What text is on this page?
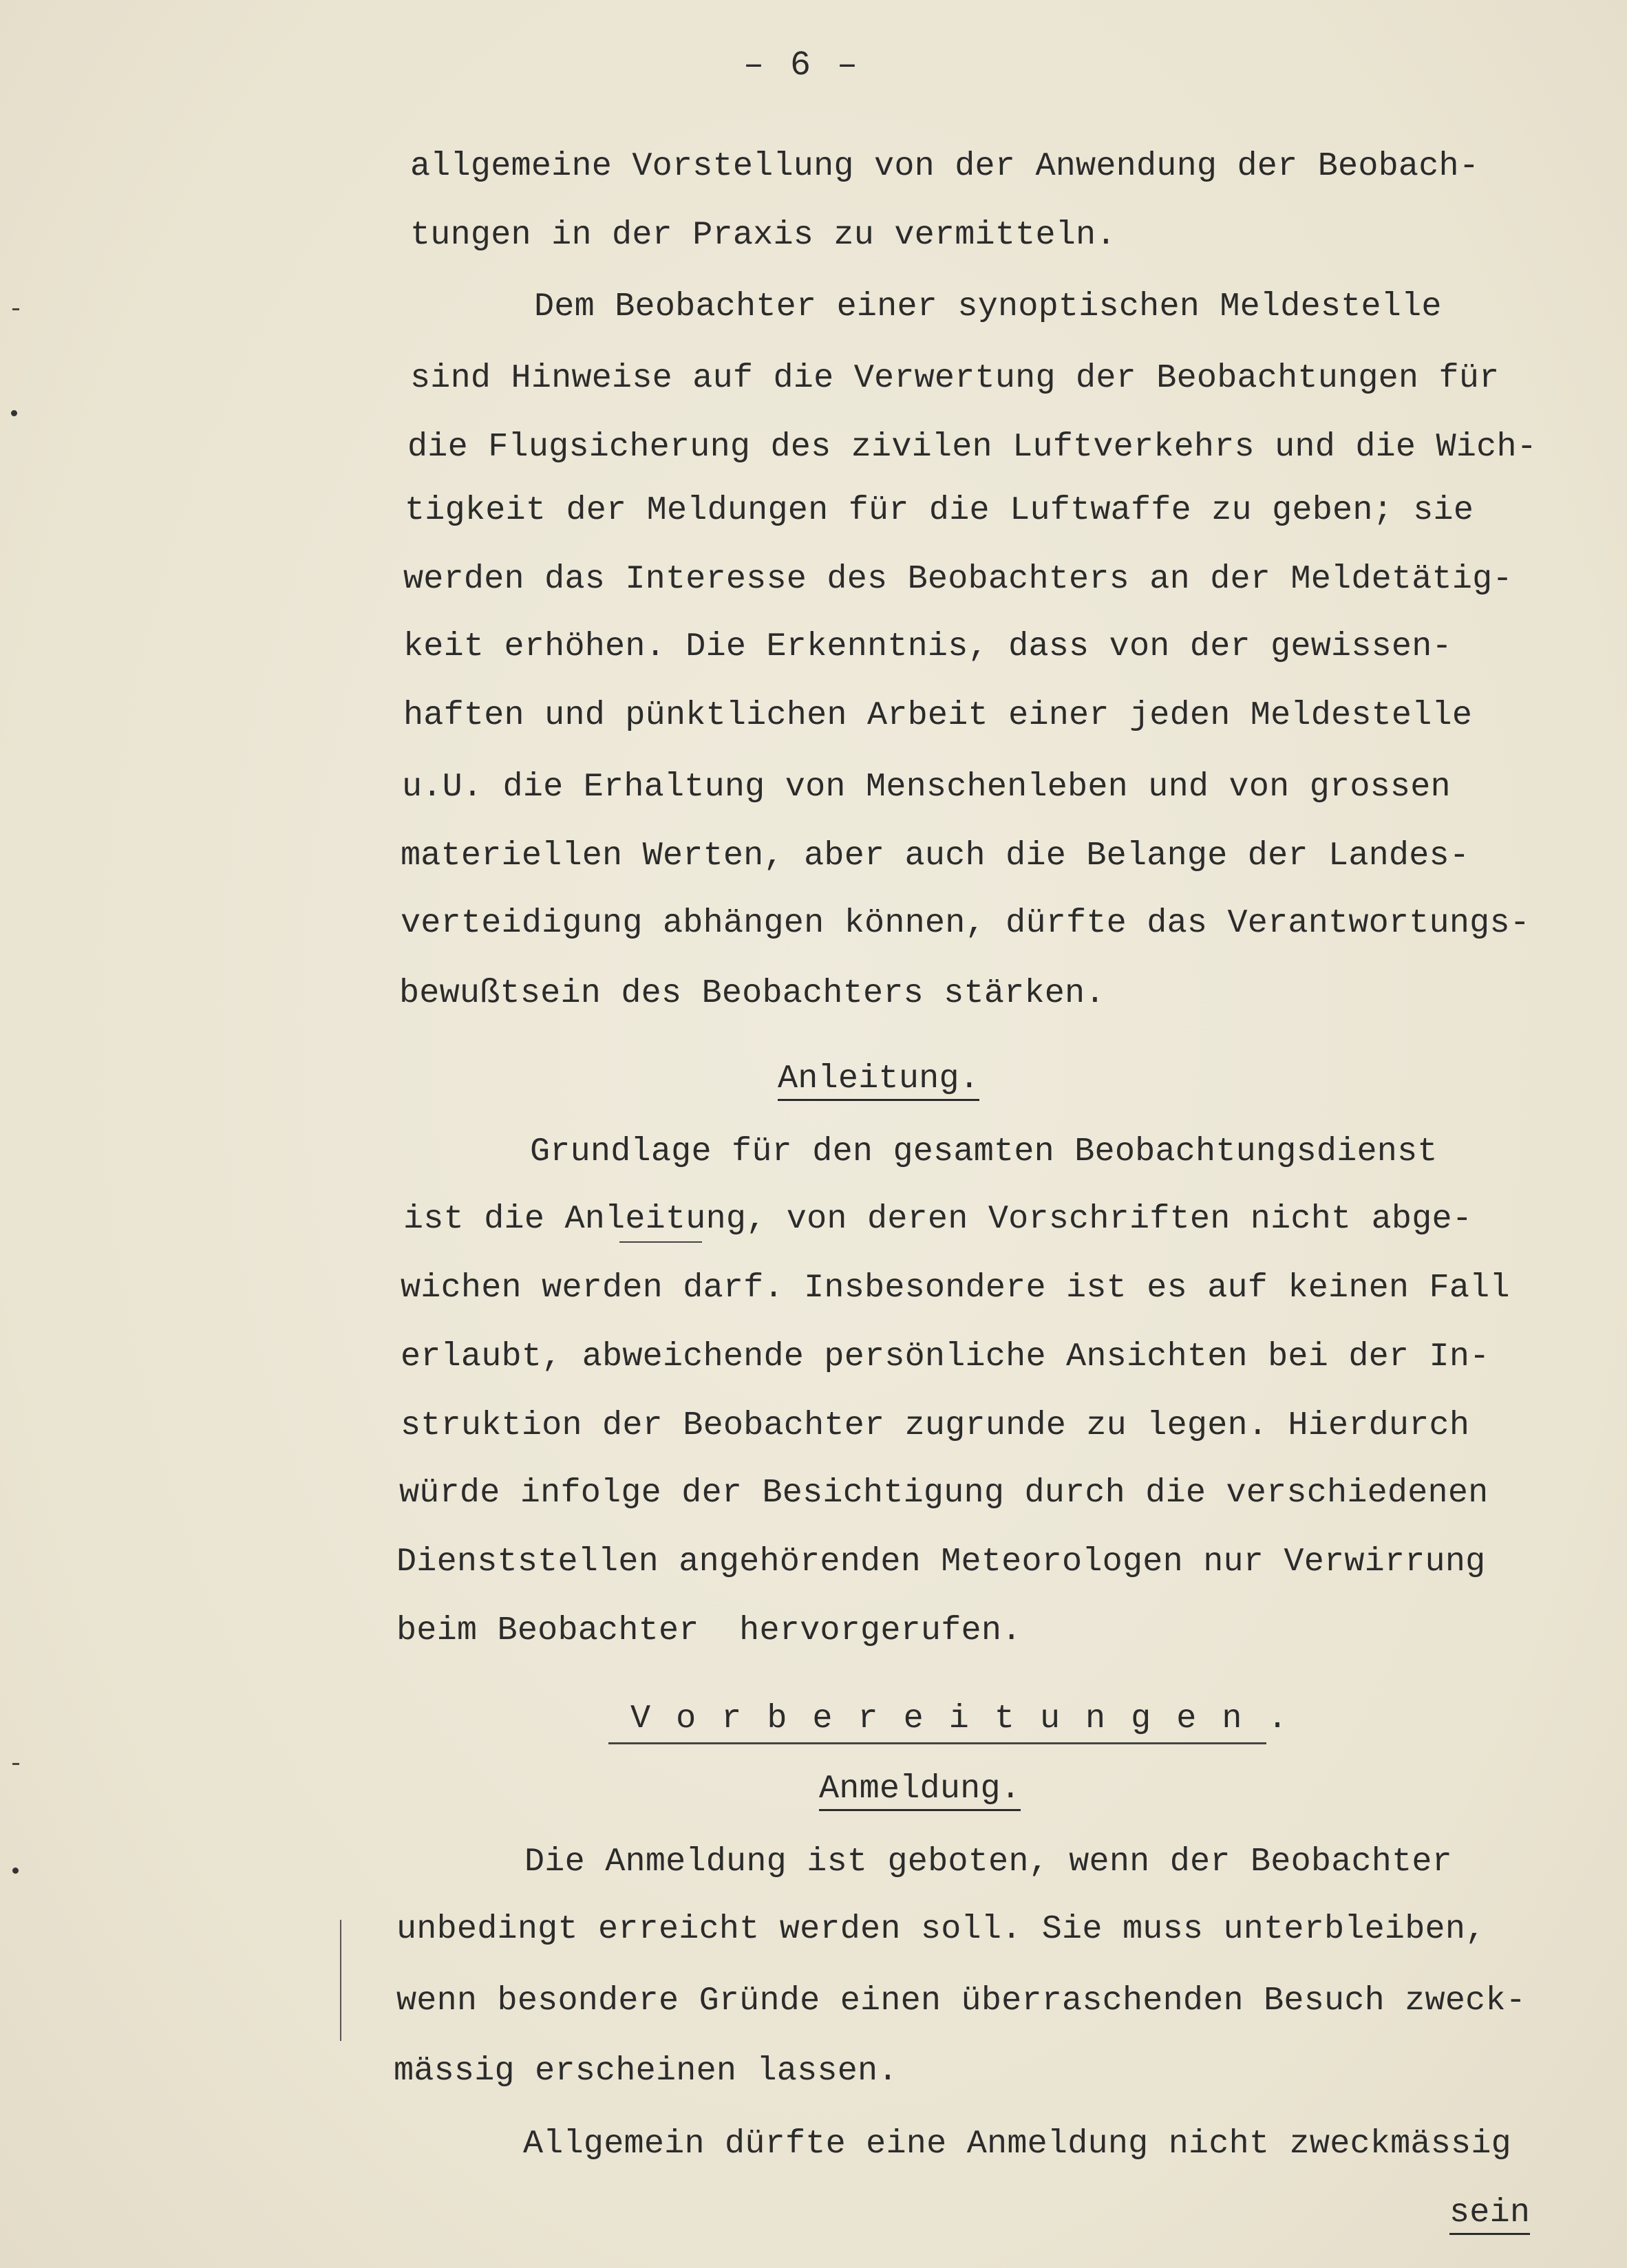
– 6 –
allgemeine Vorstellung von der Anwendung der Beobach-
tungen in der Praxis zu vermitteln.
Dem Beobachter einer synoptischen Meldestelle
sind Hinweise auf die Verwertung der Beobachtungen für
die Flugsicherung des zivilen Luftverkehrs und die Wich-
tigkeit der Meldungen für die Luftwaffe zu geben; sie
werden das Interesse des Beobachters an der Meldetätig-
keit erhöhen. Die Erkenntnis, dass von der gewissen-
haften und pünktlichen Arbeit einer jeden Meldestelle
u.U. die Erhaltung von Menschenleben und von grossen
materiellen Werten, aber auch die Belange der Landes-
verteidigung abhängen können, dürfte das Verantwortungs-
bewußtsein des Beobachters stärken.
Anleitung.
Grundlage für den gesamten Beobachtungsdienst
ist die Anleitung, von deren Vorschriften nicht abge-
wichen werden darf. Insbesondere ist es auf keinen Fall
erlaubt, abweichende persönliche Ansichten bei der In-
struktion der Beobachter zugrunde zu legen. Hierdurch
würde infolge der Besichtigung durch die verschiedenen
Dienststellen angehörenden Meteorologen nur Verwirrung
beim Beobachter  hervorgerufen.
Vorbereitungen.
Anmeldung.
Die Anmeldung ist geboten, wenn der Beobachter
unbedingt erreicht werden soll. Sie muss unterbleiben,
wenn besondere Gründe einen überraschenden Besuch zweck-
mässig erscheinen lassen.
Allgemein dürfte eine Anmeldung nicht zweckmässig
sein
